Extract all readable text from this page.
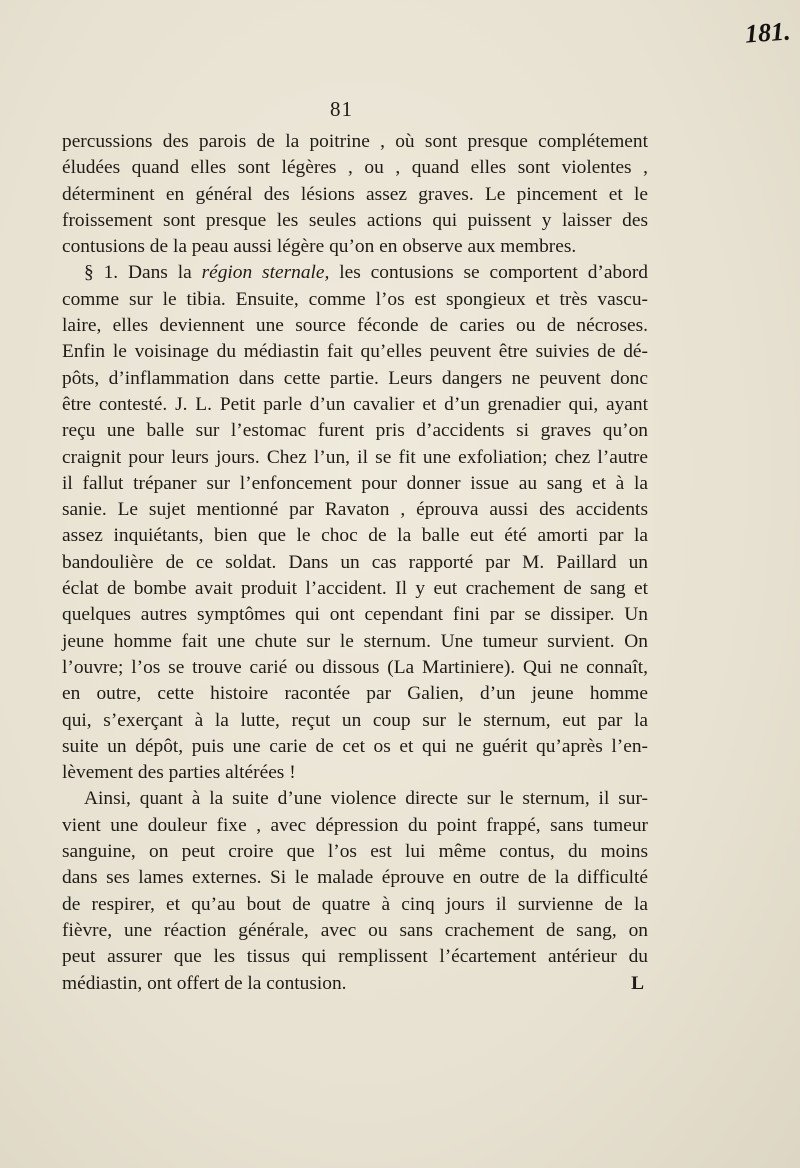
181.
81
percussions des parois de la poitrine , où sont presque complétement
éludées quand elles sont légères , ou , quand elles sont violentes ,
déterminent en général des lésions assez graves. Le pincement et le
froissement sont presque les seules actions qui puissent y laisser des
contusions de la peau aussi légère qu’on en observe aux membres.
§ 1. Dans la région sternale, les contusions se comportent d’abord
comme sur le tibia. Ensuite, comme l’os est spongieux et très vascu-
laire, elles deviennent une source féconde de caries ou de nécroses.
Enfin le voisinage du médiastin fait qu’elles peuvent être suivies de dé-
pôts, d’inflammation dans cette partie. Leurs dangers ne peuvent donc
être contesté. J. L. Petit parle d’un cavalier et d’un grenadier qui, ayant
reçu une balle sur l’estomac furent pris d’accidents si graves qu’on
craignit pour leurs jours. Chez l’un, il se fit une exfoliation; chez l’autre
il fallut trépaner sur l’enfoncement pour donner issue au sang et à la
sanie. Le sujet mentionné par Ravaton , éprouva aussi des accidents
assez inquiétants, bien que le choc de la balle eut été amorti par la
bandoulière de ce soldat. Dans un cas rapporté par M. Paillard un
éclat de bombe avait produit l’accident. Il y eut crachement de sang et
quelques autres symptômes qui ont cependant fini par se dissiper. Un
jeune homme fait une chute sur le sternum. Une tumeur survient. On
l’ouvre; l’os se trouve carié ou dissous (La Martiniere). Qui ne connaît,
en outre, cette histoire racontée par Galien, d’un jeune homme
qui, s’exerçant à la lutte, reçut un coup sur le sternum, eut par la
suite un dépôt, puis une carie de cet os et qui ne guérit qu’après l’en-
lèvement des parties altérées !
Ainsi, quant à la suite d’une violence directe sur le sternum, il sur-
vient une douleur fixe , avec dépression du point frappé, sans tumeur
sanguine, on peut croire que l’os est lui même contus, du moins
dans ses lames externes. Si le malade éprouve en outre de la difficulté
de respirer, et qu’au bout de quatre à cinq jours il survienne de la
fièvre, une réaction générale, avec ou sans crachement de sang, on
peut assurer que les tissus qui remplissent l’écartement antérieur du
médiastin, ont offert de la contusion.	L
